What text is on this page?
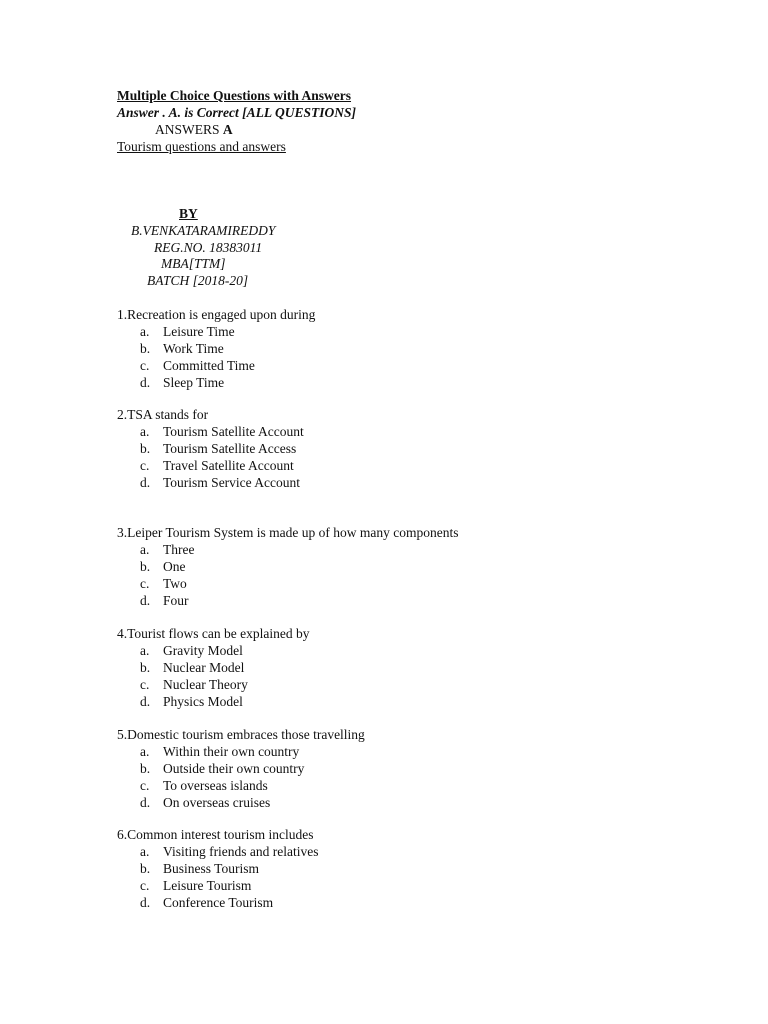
Multiple Choice Questions with Answers
Answer . A. is Correct [ALL QUESTIONS]
ANSWERS A
Tourism questions and answers
BY
B.VENKATARAMIREDDY
REG.NO. 18383011
MBA[TTM]
BATCH [2018-20]
1.Recreation is engaged upon during
a. Leisure Time
b. Work Time
c. Committed Time
d. Sleep Time
2.TSA stands for
a. Tourism Satellite Account
b. Tourism Satellite Access
c. Travel Satellite Account
d. Tourism Service Account
3.Leiper Tourism System is made up of how many components
a. Three
b. One
c. Two
d. Four
4.Tourist flows can be explained by
a. Gravity Model
b. Nuclear Model
c. Nuclear Theory
d. Physics Model
5.Domestic tourism embraces those travelling
a. Within their own country
b. Outside their own country
c. To overseas islands
d. On overseas cruises
6.Common interest tourism includes
a. Visiting friends and relatives
b. Business Tourism
c. Leisure Tourism
d. Conference Tourism
